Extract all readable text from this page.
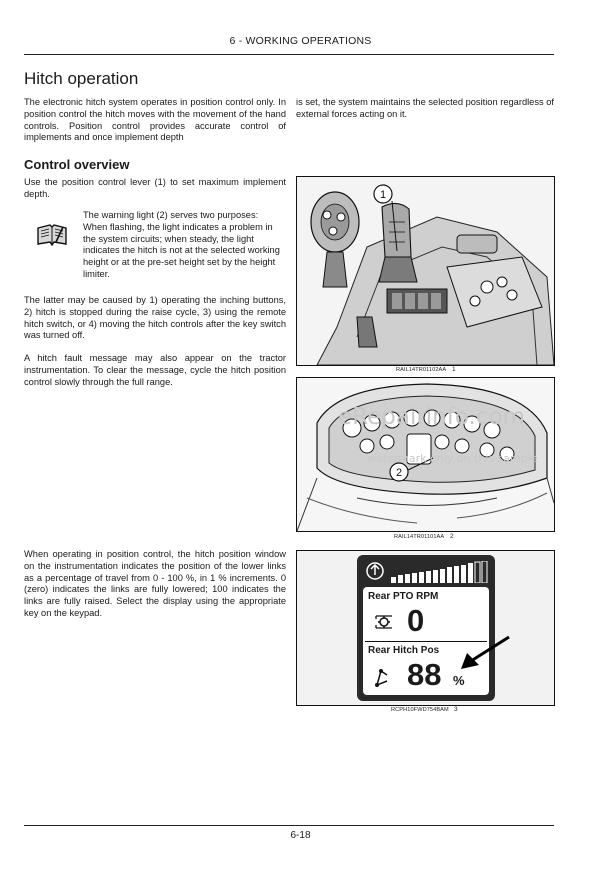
6 - WORKING OPERATIONS
Hitch operation
The electronic hitch system operates in position control only. In position control the hitch moves with the movement of the hand controls. Position control provides accurate control of implements and once implement depth
is set, the system maintains the selected position regardless of external forces acting on it.
Control overview
Use the position control lever (1) to set maximum implement depth.
The warning light (2) serves two purposes: When flashing, the light indicates a problem in the system circuits; when steady, the light indicates the hitch is not at the selected working height or at the pre-set height set by the height limiter.
The latter may be caused by 1) operating the inching buttons, 2) hitch is stopped during the raise cycle, 3) using the remote hitch switch, or 4) moving the hitch controls after the key switch was turned off.
A hitch fault message may also appear on the tractor instrumentation. To clear the message, cycle the hitch position control slowly through the full range.
When operating in position control, the hitch position window on the instrumentation indicates the position of the lower links as a percentage of travel from 0 - 100 %, in 1 % increments. 0 (zero) indicates the links are fully lowered; 100 indicates the links are fully raised. Select the display using the appropriate key on the keypad.
1
RAIL14TR01102AA 1
2
RAIL14TR01101AA 2
eRepairinfo.com
watermark only on this sample
Rear PTO RPM
0
Rear Hitch Pos
88 %
RCPH10FWD754BAM 3
6-18
